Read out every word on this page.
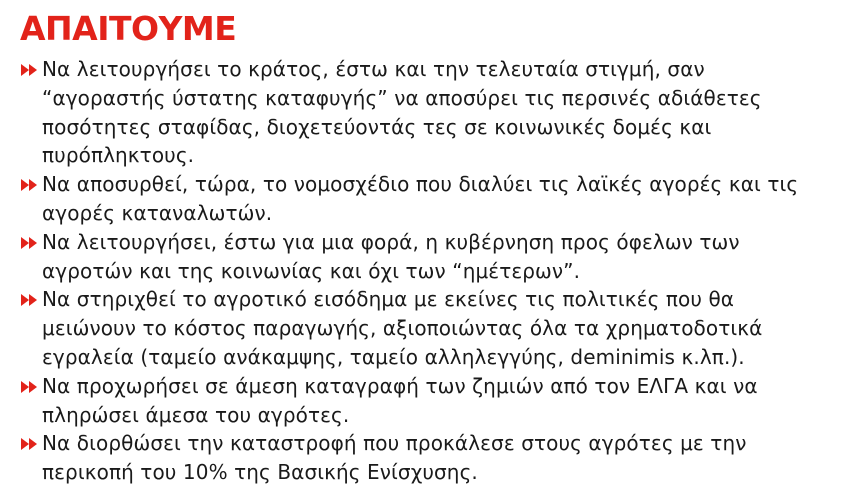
ΑΠΑΙΤΟΥΜΕ
Να λειτουργήσει το κράτος, έστω και την τελευταία στιγμή, σαν “αγοραστής ύστατης καταφυγής” να αποσύρει τις περσινές αδιάθετες ποσότητες σταφίδας, διοχετεύοντάς τες σε κοινωνικές δομές και πυρόπληκτους.
Να αποσυρθεί, τώρα, το νομοσχέδιο που διαλύει τις λαϊκές αγορές και τις αγορές καταναλωτών.
Να λειτουργήσει, έστω για μια φορά, η κυβέρνηση προς όφελων των αγροτών και της κοινωνίας και όχι των “ημέτερων”.
Να στηριχθεί το αγροτικό εισόδημα με εκείνες τις πολιτικές που θα μειώνουν το κόστος παραγωγής, αξιοποιώντας όλα τα χρηματοδοτικά εγραλεία (ταμείο ανάκαμψης, ταμείο αλληλεγγύης, deminimis κ.λπ.).
Να προχωρήσει σε άμεση καταγραφή των ζημιών από τον ΕΛΓΑ και να πληρώσει άμεσα του αγρότες.
Να διορθώσει την καταστροφή που προκάλεσε στους αγρότες με την περικοπή του 10% της Βασικής Ενίσχυσης.
